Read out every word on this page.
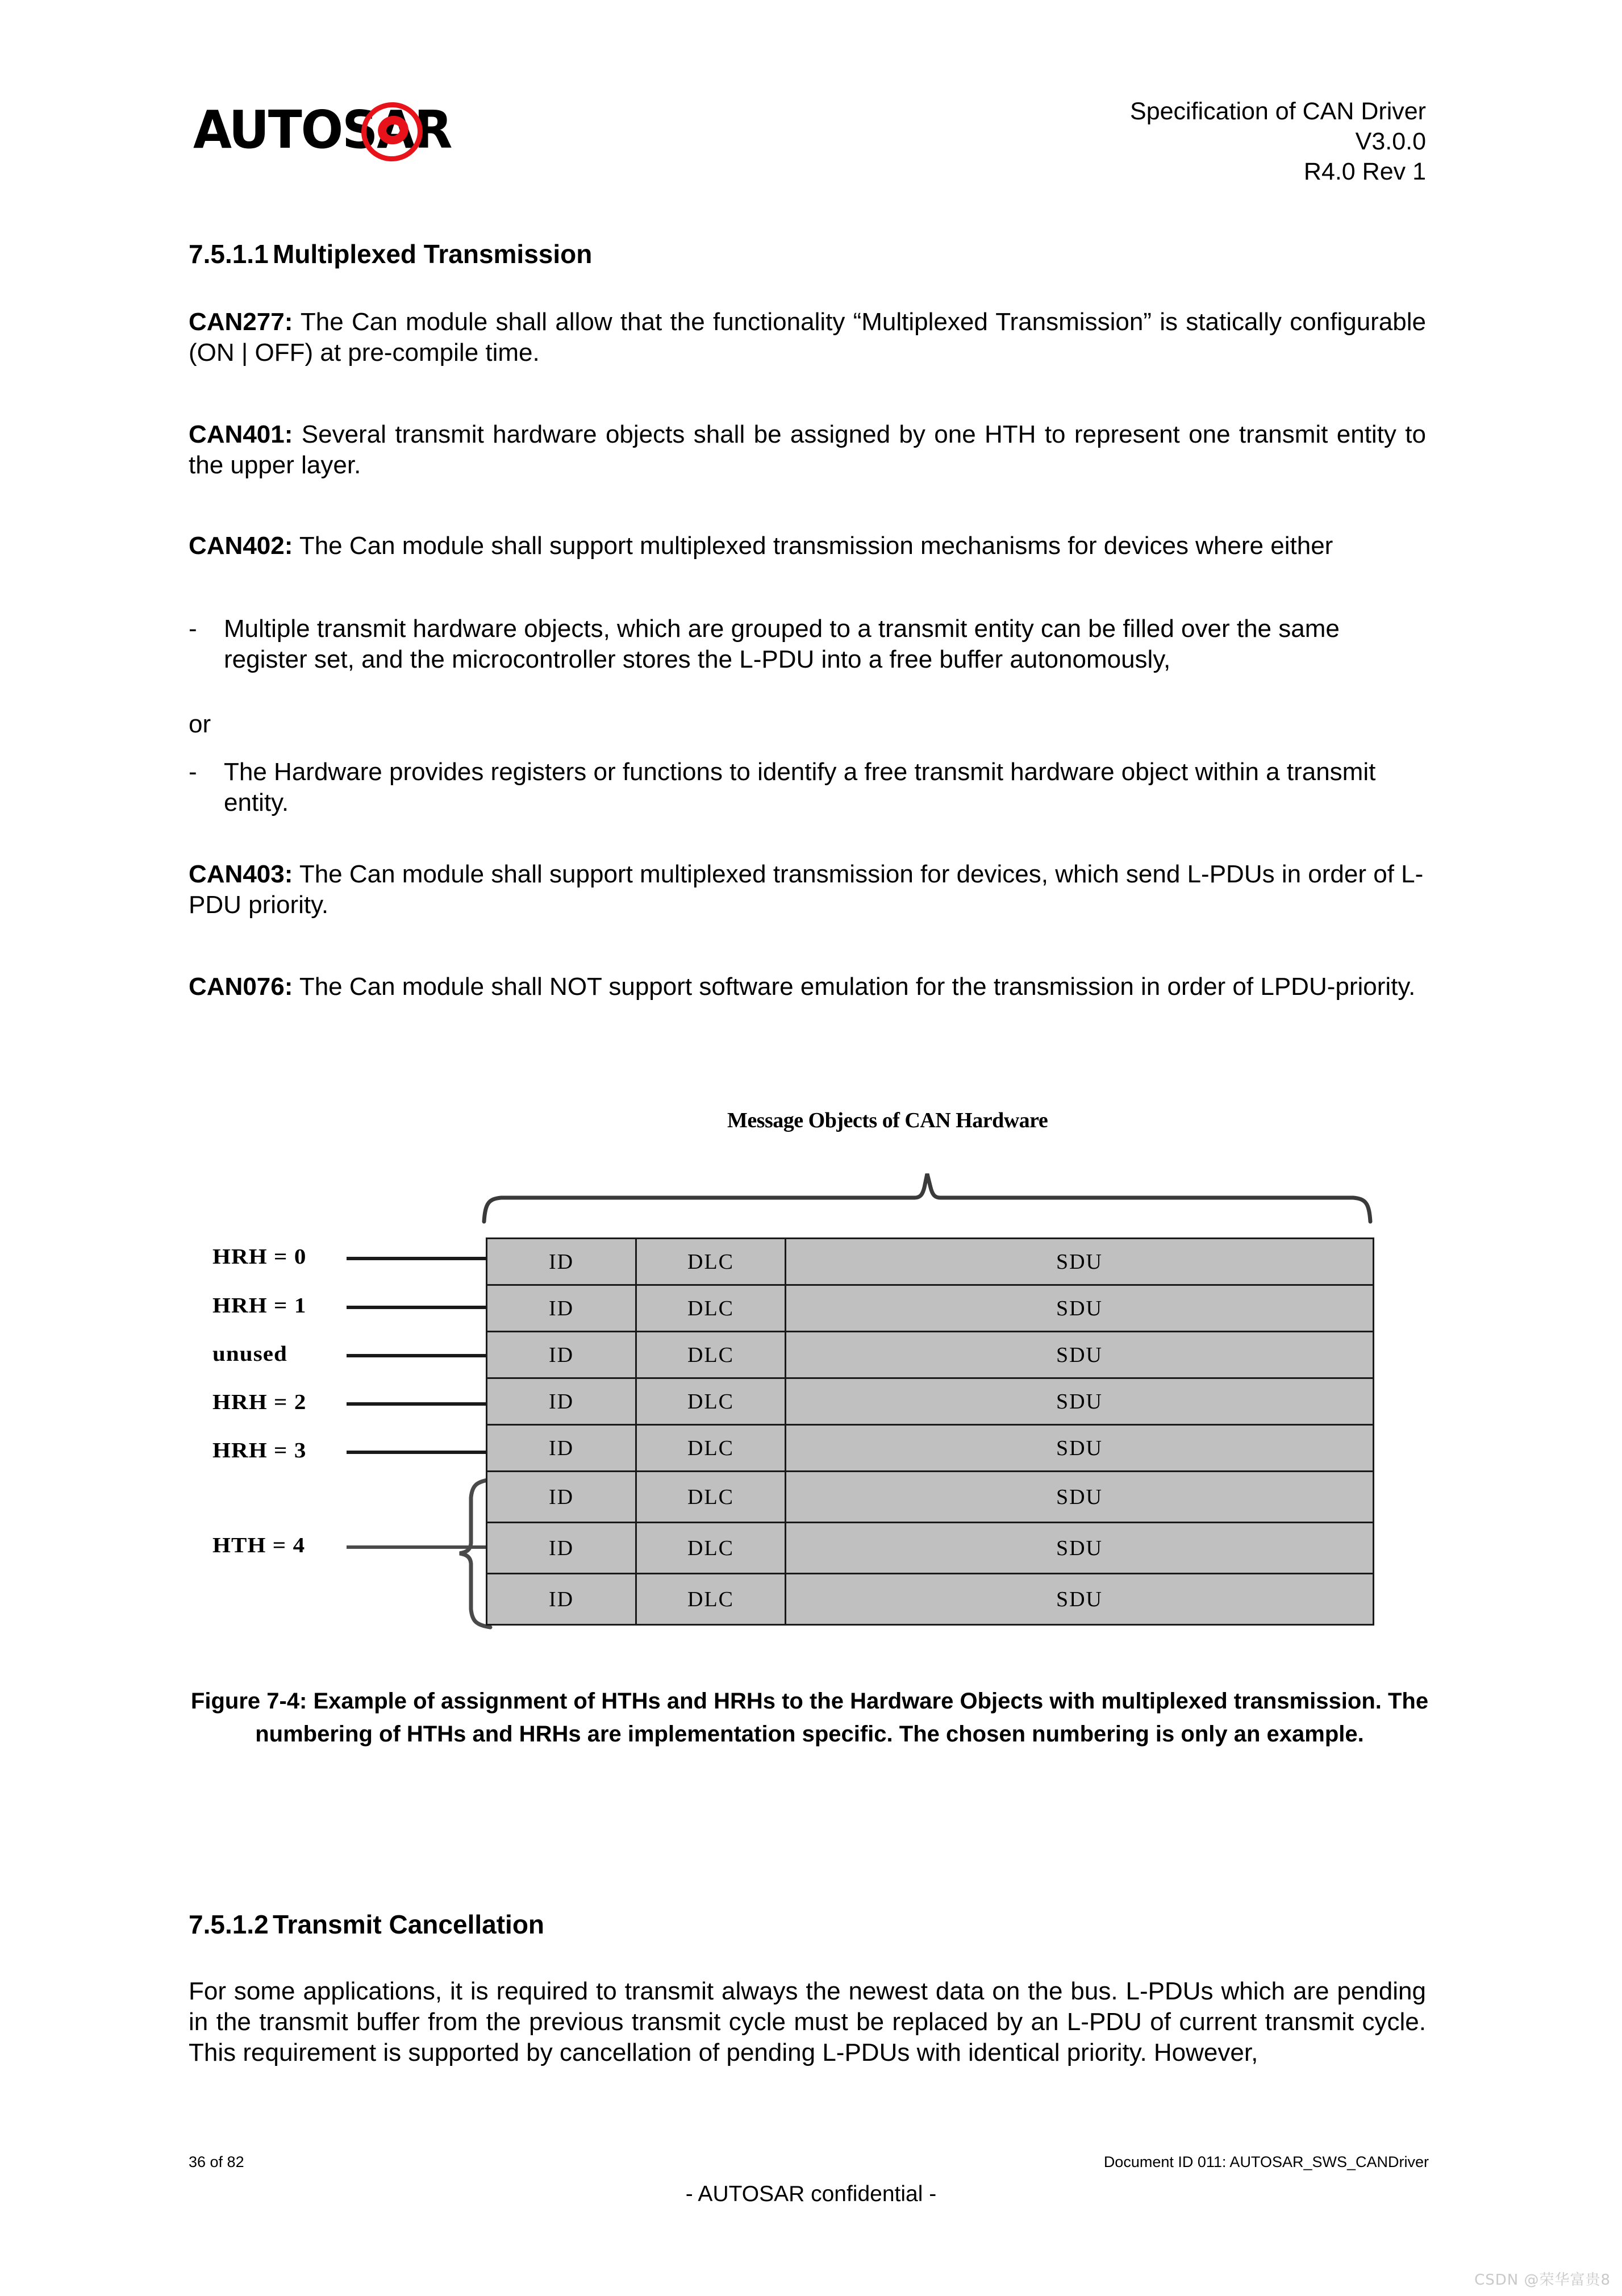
AUTOSAR	Specification of CAN Driver
V3.0.0
R4.0 Rev 1
7.5.1.1 Multiplexed Transmission
CAN277: The Can module shall allow that the functionality “Multiplexed Transmission” is statically configurable (ON | OFF) at pre-compile time.
CAN401: Several transmit hardware objects shall be assigned by one HTH to represent one transmit entity to the upper layer.
CAN402: The Can module shall support multiplexed transmission mechanisms for devices where either
-	Multiple transmit hardware objects, which are grouped to a transmit entity can be filled over the same register set, and the microcontroller stores the L-PDU into a free buffer autonomously,
or
-	The Hardware provides registers or functions to identify a free transmit hardware object within a transmit entity.
CAN403: The Can module shall support multiplexed transmission for devices, which send L-PDUs in order of L-PDU priority.
CAN076: The Can module shall NOT support software emulation for the transmission in order of LPDU-priority.
Message Objects of CAN Hardware
HRH = 0
HRH = 1
unused
HRH = 2
HRH = 3
HTH = 4
ID	DLC	SDU
ID	DLC	SDU
ID	DLC	SDU
ID	DLC	SDU
ID	DLC	SDU
ID	DLC	SDU
ID	DLC	SDU
ID	DLC	SDU
Figure 7-4: Example of assignment of HTHs and HRHs to the Hardware Objects with multiplexed transmission. The numbering of HTHs and HRHs are implementation specific. The chosen numbering is only an example.
7.5.1.2 Transmit Cancellation
For some applications, it is required to transmit always the newest data on the bus. L-PDUs which are pending in the transmit buffer from the previous transmit cycle must be replaced by an L-PDU of current transmit cycle. This requirement is supported by cancellation of pending L-PDUs with identical priority. However,
36 of 82	Document ID 011: AUTOSAR_SWS_CANDriver
- AUTOSAR confidential -
CSDN @荣华富贵8
